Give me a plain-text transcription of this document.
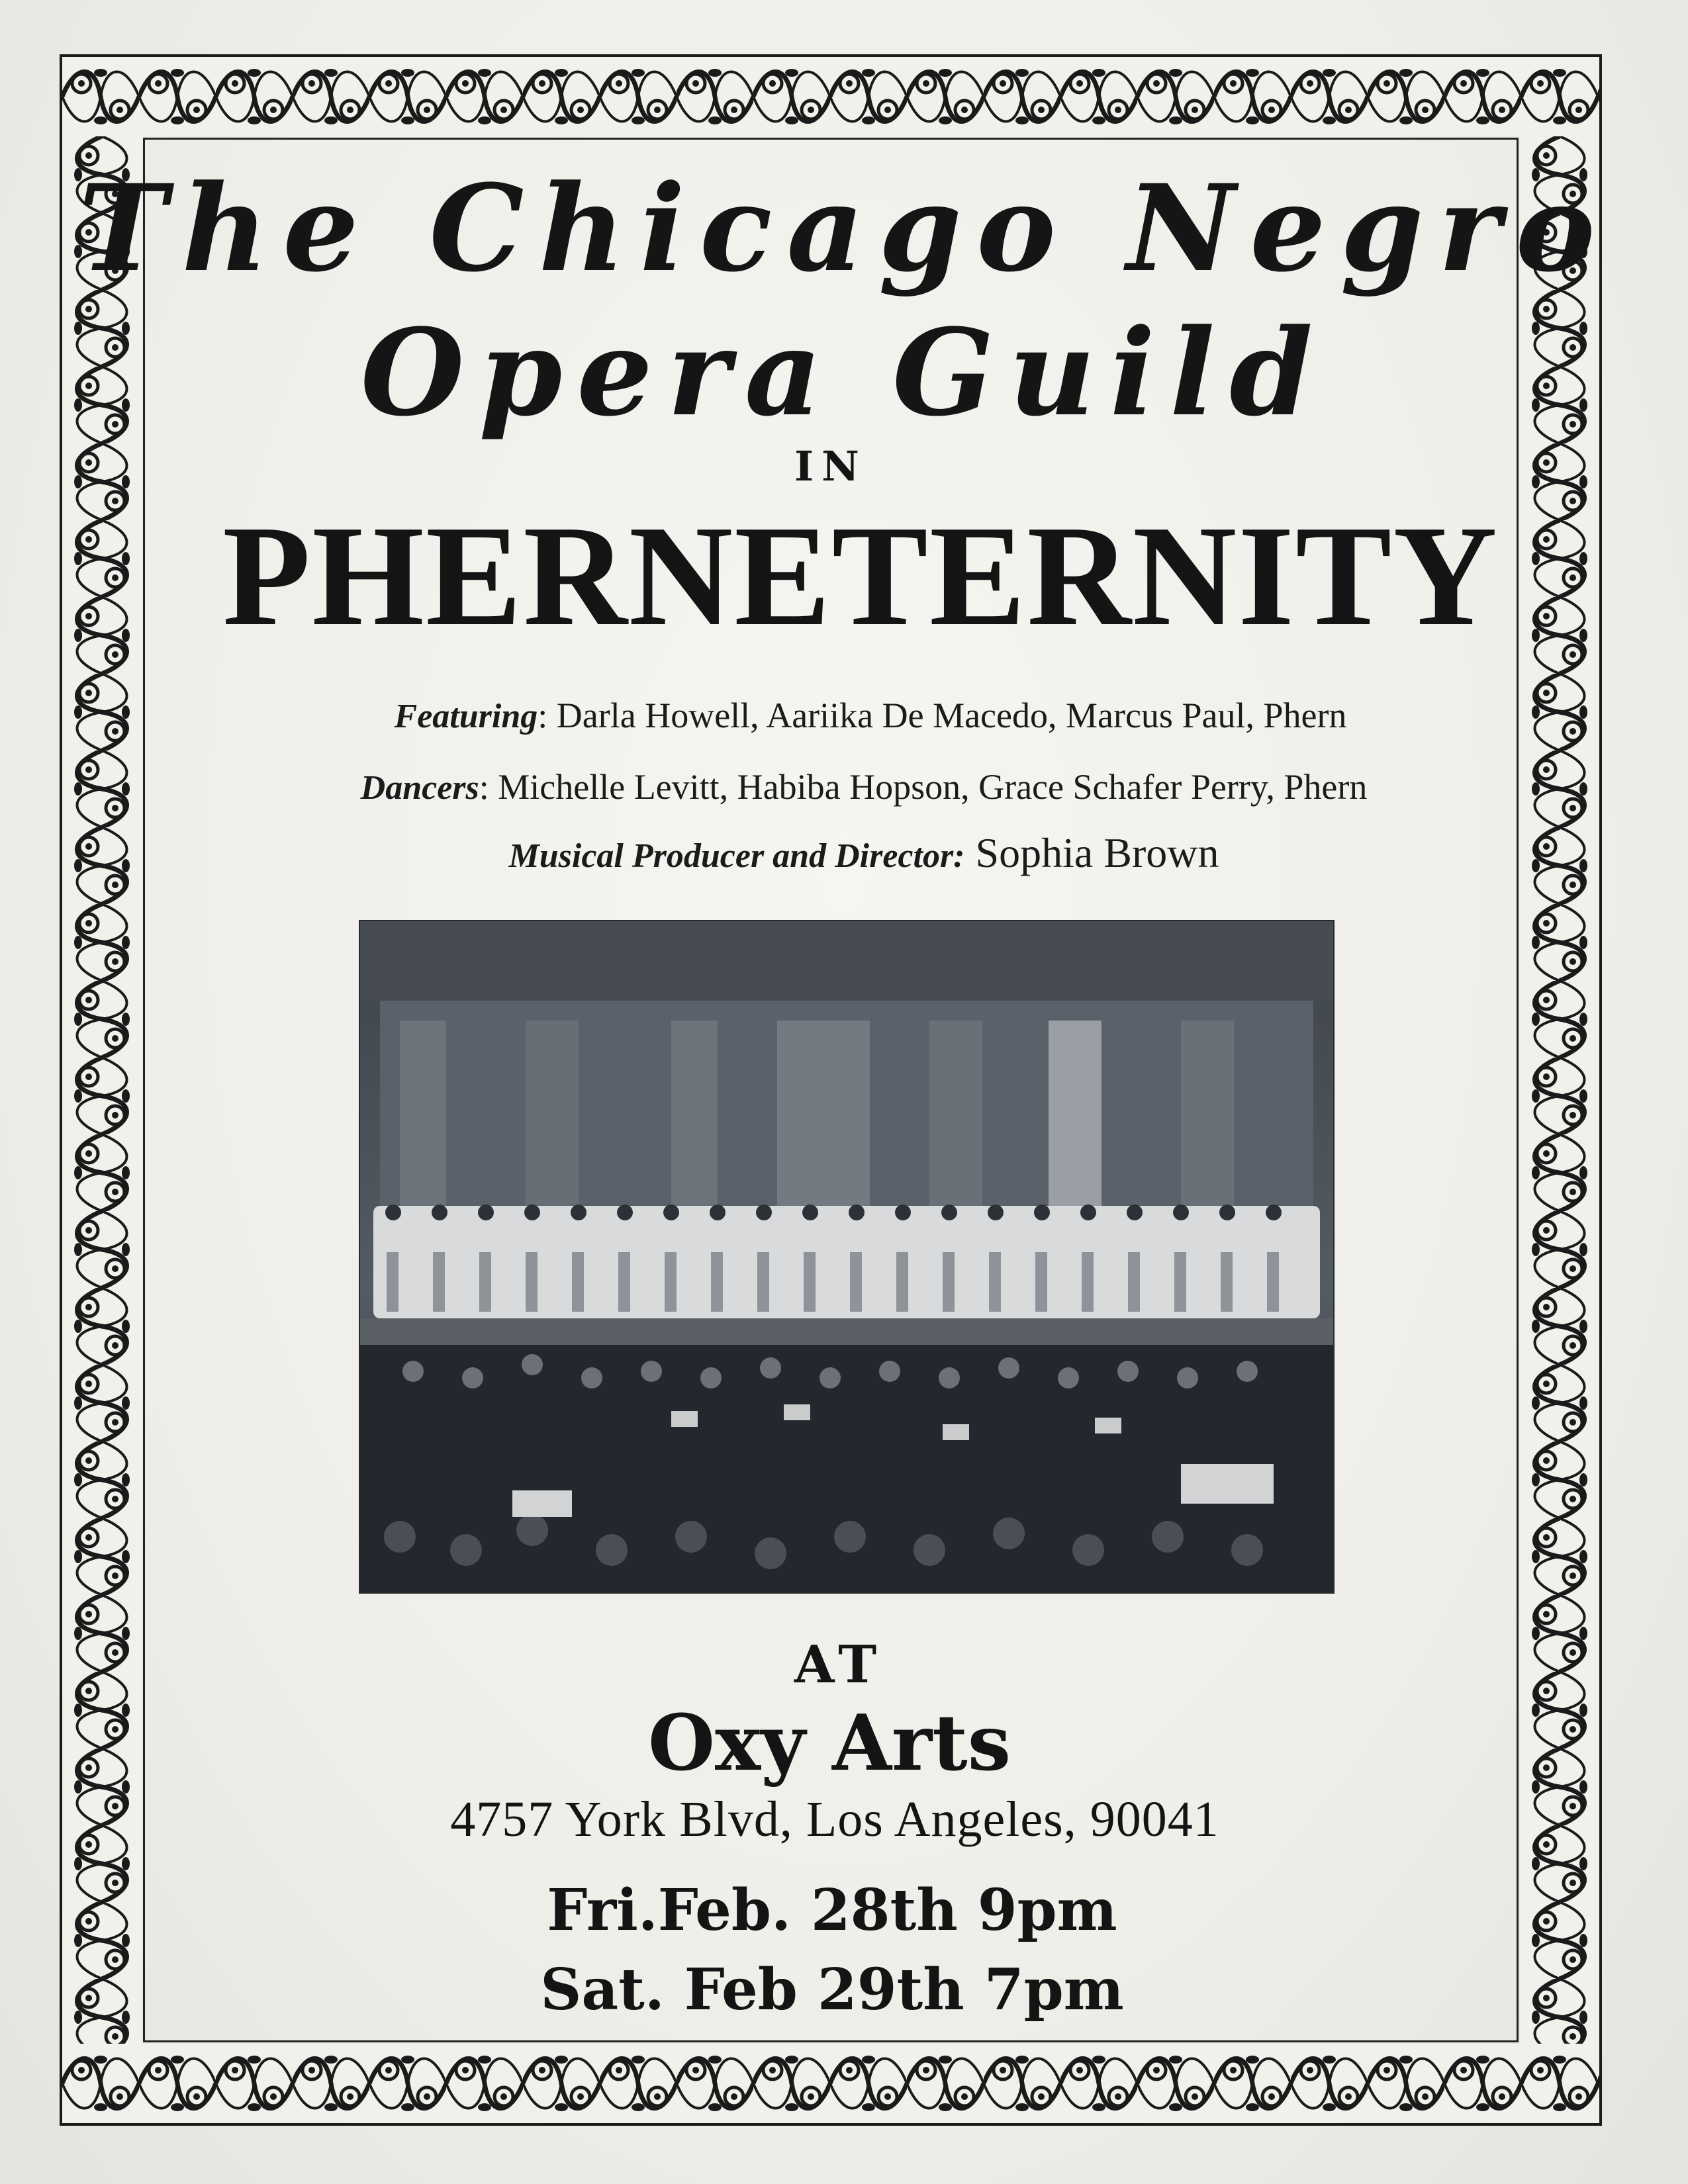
The Chicago Negro
Opera Guild
IN
PHERNETERNITY
Featuring: Darla Howell, Aariika De Macedo, Marcus Paul, Phern
Dancers: Michelle Levitt, Habiba Hopson, Grace Schafer Perry, Phern
Musical Producer and Director: Sophia Brown
AT
Oxy Arts
4757 York Blvd, Los Angeles, 90041
Fri.Feb. 28th 9pm
Sat. Feb 29th 7pm
